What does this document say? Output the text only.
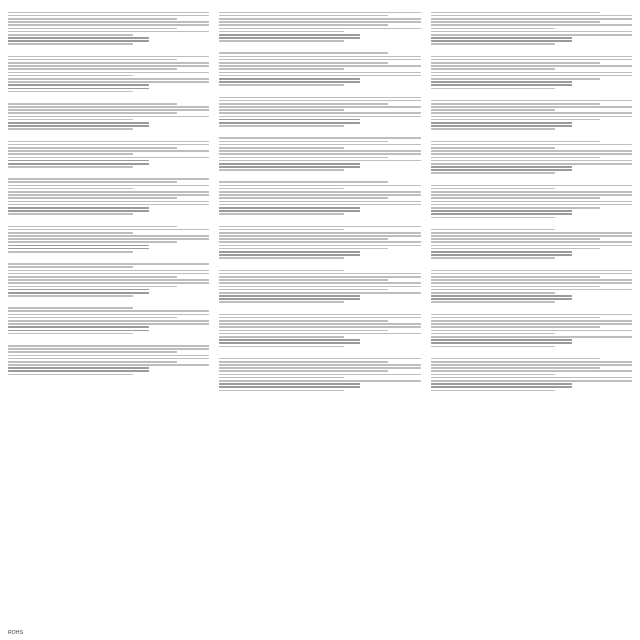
ROHS
